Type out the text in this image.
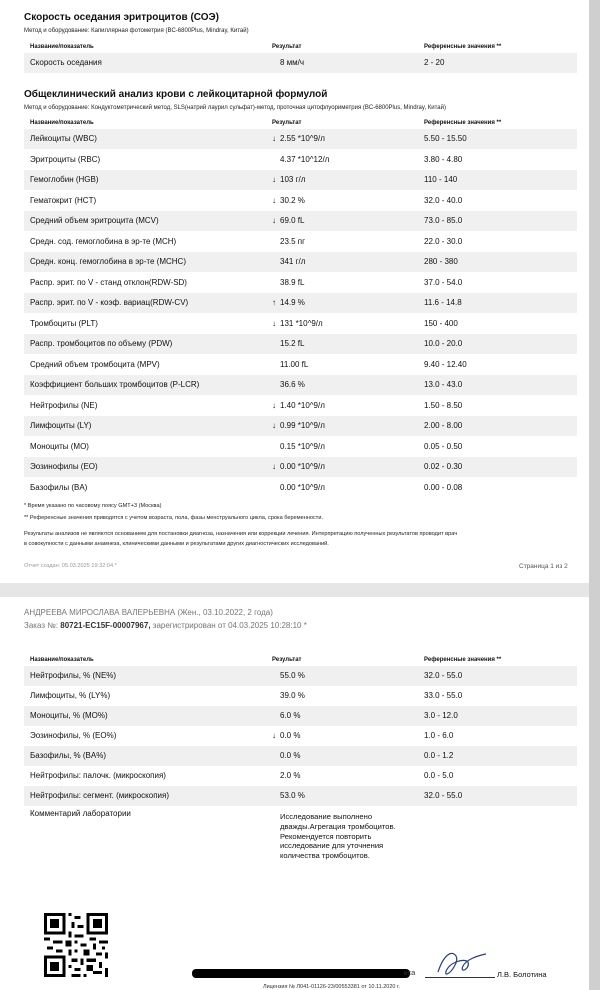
Скорость оседания эритроцитов (СОЭ)
Метод и оборудование: Капиллярная фотометрия (BC-6800Plus, Mindray, Китай)
Название/показатель	Результат	Референсные значения **
Скорость оседания	8 мм/ч	2 - 20
Общеклинический анализ крови с лейкоцитарной формулой
Метод и оборудование: Кондуктометрический метод, SLS(натрий лаурил сульфат)-метод, проточная цитофлуориметрия (BC-6800Plus, Mindray, Китай)
Название/показатель	Результат	Референсные значения **
Лейкоциты (WBC)	↓ 2.55 *10^9/л	5.50 - 15.50
Эритроциты (RBC)	4.37 *10^12/л	3.80 - 4.80
Гемоглобин (HGB)	↓ 103 г/л	110 - 140
Гематокрит (HCT)	↓ 30.2 %	32.0 - 40.0
Средний объем эритроцита (MCV)	↓ 69.0 fL	73.0 - 85.0
Средн. сод. гемоглобина в эр-те (MCH)	23.5 пг	22.0 - 30.0
Средн. конц. гемоглобина в эр-те (MCHC)	341 г/л	280 - 380
Распр. эрит. по V - станд отклон(RDW-SD)	38.9 fL	37.0 - 54.0
Распр. эрит. по V - коэф. вариац(RDW-CV)	↑ 14.9 %	11.6 - 14.8
Тромбоциты (PLT)	↓ 131 *10^9/л	150 - 400
Распр. тромбоцитов по объему (PDW)	15.2 fL	10.0 - 20.0
Средний объем тромбоцита (MPV)	11.00 fL	9.40 - 12.40
Коэффициент больших тромбоцитов (P-LCR)	36.6 %	13.0 - 43.0
Нейтрофилы (NE)	↓ 1.40 *10^9/л	1.50 - 8.50
Лимфоциты (LY)	↓ 0.99 *10^9/л	2.00 - 8.00
Моноциты (MO)	0.15 *10^9/л	0.05 - 0.50
Эозинофилы (EO)	↓ 0.00 *10^9/л	0.02 - 0.30
Базофилы (BA)	0.00 *10^9/л	0.00 - 0.08
* Время указано по часовому поясу GMT+3 (Москва)
** Референсные значения приводятся с учетом возраста, пола, фазы менструального цикла, срока беременности.
Результаты анализов не являются основанием для постановки диагноза, назначения или коррекции лечения. Интерпретацию полученных результатов проводит врач
в совокупности с данными анамнеза, клиническими данными и результатами других диагностических исследований.
Отчет создан: 05.03.2025 19:32:04 *	Страница 1 из 2
АНДРЕЕВА МИРОСЛАВА ВАЛЕРЬЕВНА (Жен., 03.10.2022, 2 года)
Заказ №: 80721-EC15F-00007967, зарегистрирован от 04.03.2025 10:28:10 *
Название/показатель	Результат	Референсные значения **
Нейтрофилы, % (NE%)	55.0 %	32.0 - 55.0
Лимфоциты, % (LY%)	39.0 %	33.0 - 55.0
Моноциты, % (MO%)	6.0 %	3.0 - 12.0
Эозинофилы, % (EO%)	↓ 0.0 %	1.0 - 6.0
Базофилы, % (BA%)	0.0 %	0.0 - 1.2
Нейтрофилы: палочк. (микроскопия)	2.0 %	0.0 - 5.0
Нейтрофилы: сегмент. (микроскопия)	53.0 %	32.0 - 55.0
Комментарий лаборатории	Исследование выполнено дважды.Агрегация тромбоцитов. Рекомендуется повторить исследование для уточнения количества тромбоцитов.
кса	Л.В. Болотина
Лицензия № Л041-01126-23/00553381 от 10.11.2020 г.
